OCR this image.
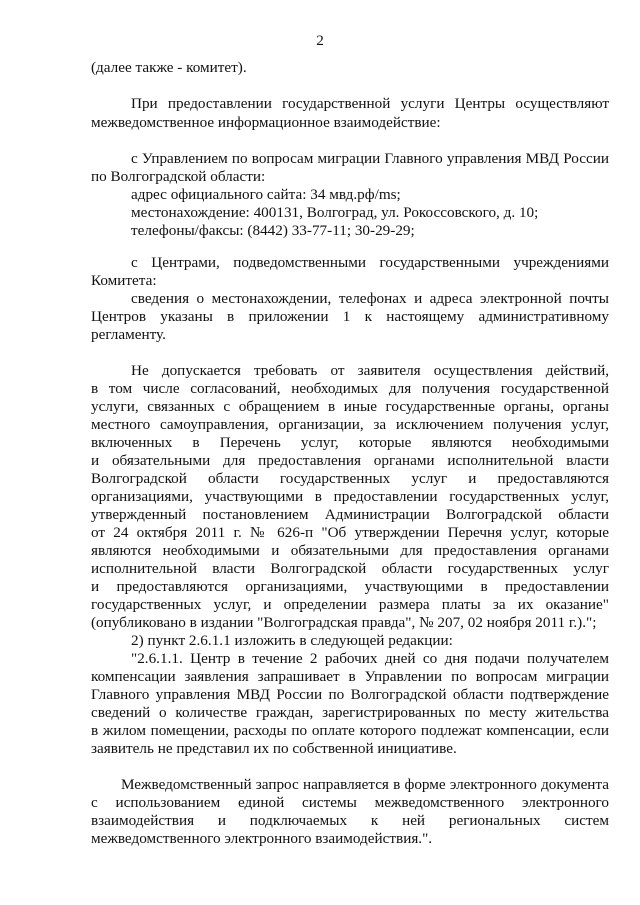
2
(далее также - комитет).
При предоставлении государственной услуги Центры осуществляют
межведомственное информационное взаимодействие:
с Управлением по вопросам миграции Главного управления МВД России
по Волгоградской области:
адрес официального сайта: 34 мвд.рф/ms;
местонахождение: 400131, Волгоград, ул. Рокоссовского, д. 10;
телефоны/факсы: (8442) 33-77-11; 30-29-29;
с Центрами, подведомственными государственными учреждениями
Комитета:
сведения о местонахождении, телефонах и адреса электронной почты
Центров указаны в приложении 1 к настоящему административному
регламенту.
Не допускается требовать от заявителя осуществления действий,
в том числе согласований, необходимых для получения государственной
услуги, связанных с обращением в иные государственные органы, органы
местного самоуправления, организации, за исключением получения услуг,
включенных в Перечень услуг, которые являются необходимыми
и обязательными для предоставления органами исполнительной власти
Волгоградской области государственных услуг и предоставляются
организациями, участвующими в предоставлении государственных услуг,
утвержденный постановлением Администрации Волгоградской области
от 24 октября 2011 г. № 626-п "Об утверждении Перечня услуг, которые
являются необходимыми и обязательными для предоставления органами
исполнительной власти Волгоградской области государственных услуг
и предоставляются организациями, участвующими в предоставлении
государственных услуг, и определении размера платы за их оказание"
(опубликовано в издании "Волгоградская правда", № 207, 02 ноября 2011 г.).";
2) пункт 2.6.1.1 изложить в следующей редакции:
"2.6.1.1. Центр в течение 2 рабочих дней со дня подачи получателем
компенсации заявления запрашивает в Управлении по вопросам миграции
Главного управления МВД России по Волгоградской области подтверждение
сведений о количестве граждан, зарегистрированных по месту жительства
в жилом помещении, расходы по оплате которого подлежат компенсации, если
заявитель не представил их по собственной инициативе.
Межведомственный запрос направляется в форме электронного документа
с использованием единой системы межведомственного электронного
взаимодействия и подключаемых к ней региональных систем
межведомственного электронного взаимодействия.".
